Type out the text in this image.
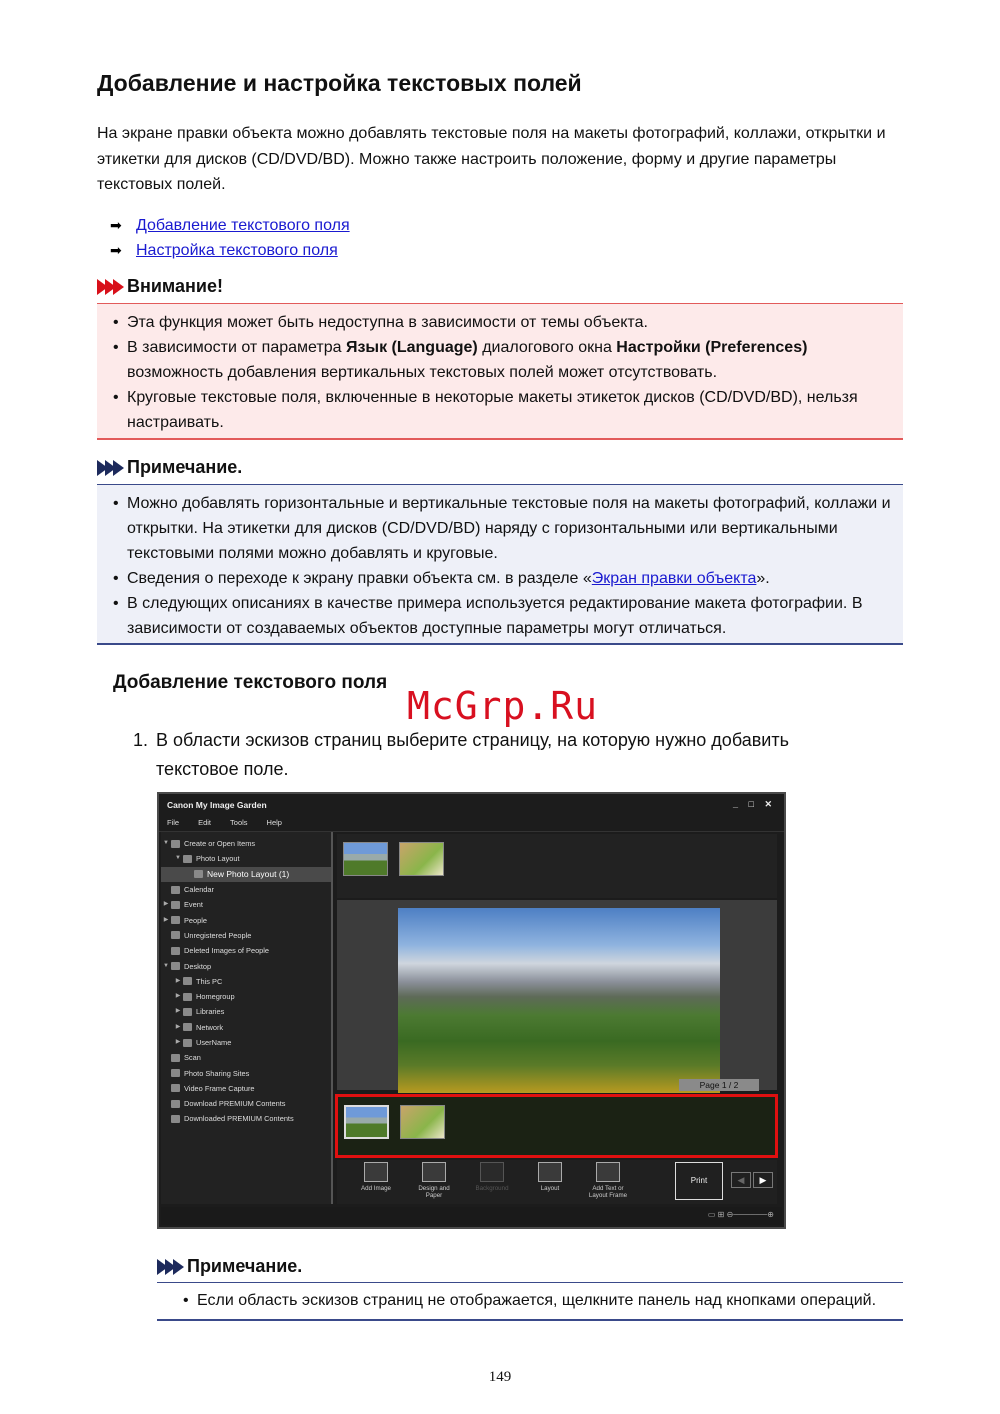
Добавление и настройка текстовых полей
На экране правки объекта можно добавлять текстовые поля на макеты фотографий, коллажи, открытки и этикетки для дисков (CD/DVD/BD). Можно также настроить положение, форму и другие параметры текстовых полей.
➡ Добавление текстового поля
➡ Настройка текстового поля
Внимание!
• Эта функция может быть недоступна в зависимости от темы объекта.
• В зависимости от параметра Язык (Language) диалогового окна Настройки (Preferences) возможность добавления вертикальных текстовых полей может отсутствовать.
• Круговые текстовые поля, включенные в некоторые макеты этикеток дисков (CD/DVD/BD), нельзя настраивать.
Примечание.
• Можно добавлять горизонтальные и вертикальные текстовые поля на макеты фотографий, коллажи и открытки. На этикетки для дисков (CD/DVD/BD) наряду с горизонтальными или вертикальными текстовыми полями можно добавлять и круговые.
• Сведения о переходе к экрану правки объекта см. в разделе «Экран правки объекта».
• В следующих описаниях в качестве примера используется редактирование макета фотографии. В зависимости от создаваемых объектов доступные параметры могут отличаться.
Добавление текстового поля
McGrp.Ru
1. В области эскизов страниц выберите страницу, на которую нужно добавить текстовое поле.
Canon My Image Garden	_ □ ✕
File	Edit	Tools	Help
▼ Create or Open Items
▼ Photo Layout
New Photo Layout (1)
Calendar
▶	Event
▶	People
Unregistered People
Deleted Images of People
▼ Desktop
▶	This PC
▶	Homegroup
▶	Libraries
▶	Network
▶	UserName
Scan
Photo Sharing Sites
Video Frame Capture
Download PREMIUM Contents
Downloaded PREMIUM Contents
Page 1 / 2
Add Image	Design and Paper
Background	Layout	Add Text or Layout Frame
Print	◀	▶
▭ ⊞ ⊖──────⊕
Примечание.
• Если область эскизов страниц не отображается, щелкните панель над кнопками операций.
149
